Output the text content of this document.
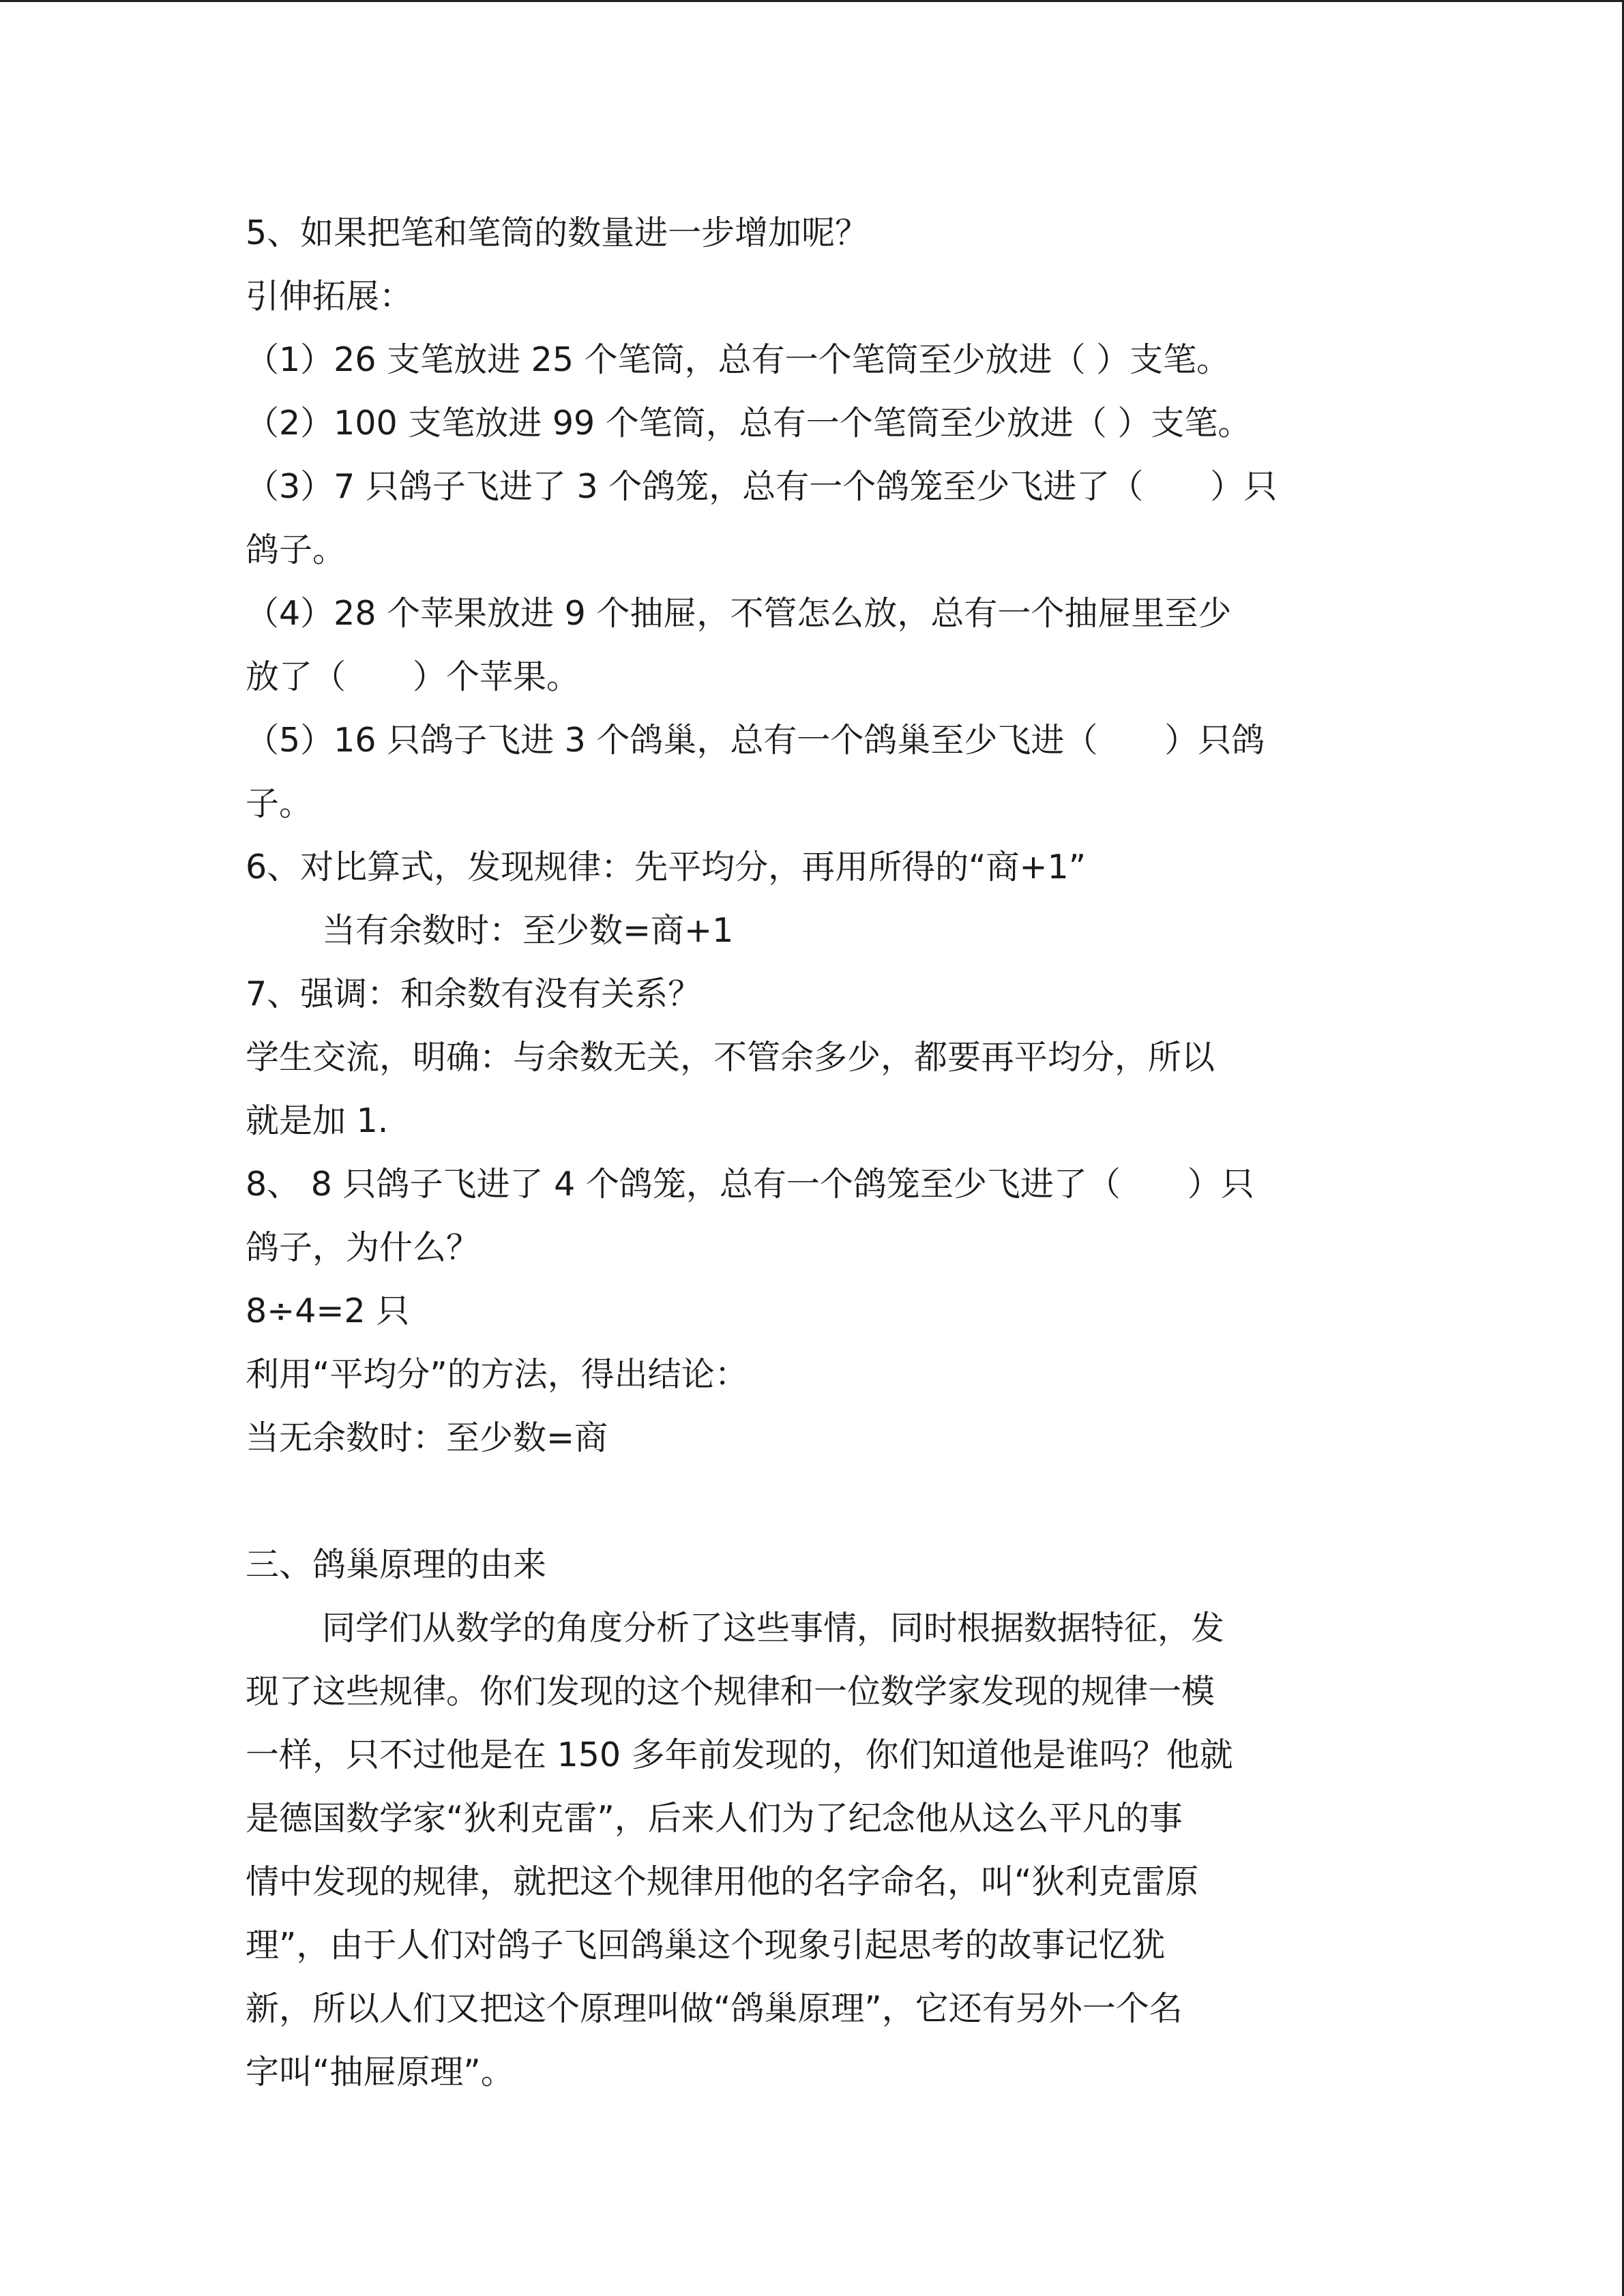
5、如果把笔和笔筒的数量进一步增加呢？

引伸拓展：

（1）26 支笔放进 25 个笔筒，总有一个笔筒至少放进（ ）支笔。

（2）100 支笔放进 99 个笔筒，总有一个笔筒至少放进（ ）支笔。

（3）7 只鸽子飞进了 3 个鸽笼，总有一个鸽笼至少飞进了（　　）只

鸽子。

（4）28 个苹果放进 9 个抽屉，不管怎么放，总有一个抽屉里至少

放了（　　）个苹果。

（5）16 只鸽子飞进 3 个鸽巢，总有一个鸽巢至少飞进（　　）只鸽

子。

6、对比算式，发现规律：先平均分，再用所得的“商+1”

当有余数时：至少数=商+1

7、强调：和余数有没有关系？

学生交流，明确：与余数无关，不管余多少，都要再平均分，所以

就是加 1.

8、 8 只鸽子飞进了 4 个鸽笼，总有一个鸽笼至少飞进了（　　）只

鸽子，为什么？

8÷4=2 只

利用“平均分”的方法，得出结论：

当无余数时：至少数=商

三、鸽巢原理的由来

同学们从数学的角度分析了这些事情，同时根据数据特征，发

现了这些规律。你们发现的这个规律和一位数学家发现的规律一模

一样，只不过他是在 150 多年前发现的，你们知道他是谁吗？他就

是德国数学家“狄利克雷”，后来人们为了纪念他从这么平凡的事

情中发现的规律，就把这个规律用他的名字命名，叫“狄利克雷原

理”，由于人们对鸽子飞回鸽巢这个现象引起思考的故事记忆犹

新，所以人们又把这个原理叫做“鸽巢原理”，它还有另外一个名

字叫“抽屉原理”。
